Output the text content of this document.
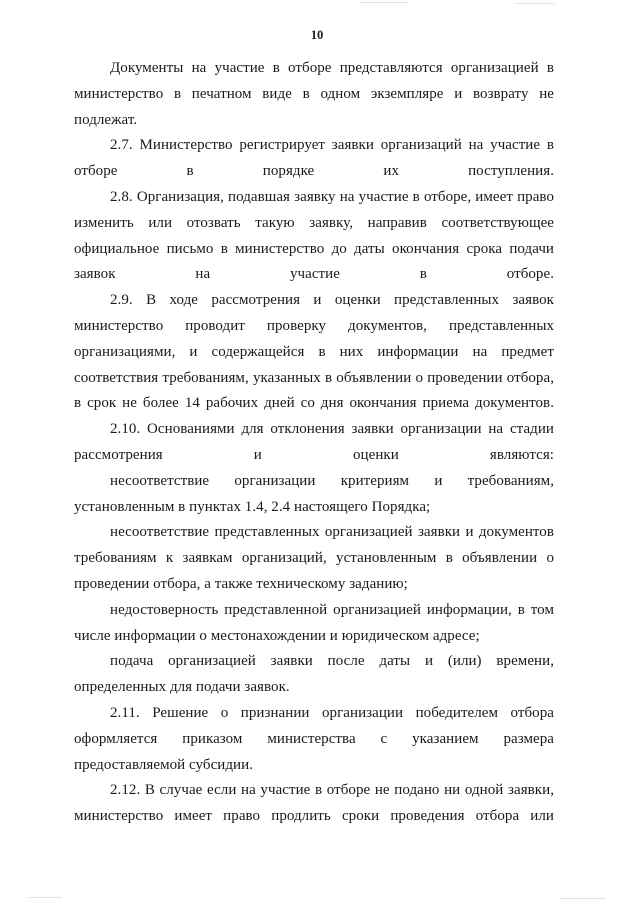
10

Документы на участие в отборе представляются организацией в министерство в печатном виде в одном экземпляре и возврату не подлежат.

2.7. Министерство регистрирует заявки организаций на участие в отборе в порядке их поступления.

2.8. Организация, подавшая заявку на участие в отборе, имеет право изменить или отозвать такую заявку, направив соответствующее официальное письмо в министерство до даты окончания срока подачи заявок на участие в отборе.

2.9. В ходе рассмотрения и оценки представленных заявок министерство проводит проверку документов, представленных организациями, и содержащейся в них информации на предмет соответствия требованиям, указанных в объявлении о проведении отбора, в срок не более 14 рабочих дней со дня окончания приема документов.

2.10. Основаниями для отклонения заявки организации на стадии рассмотрения и оценки являются:

несоответствие организации критериям и требованиям, установленным в пунктах 1.4, 2.4 настоящего Порядка;

несоответствие представленных организацией заявки и документов требованиям к заявкам организаций, установленным в объявлении о проведении отбора, а также техническому заданию;

недостоверность представленной организацией информации, в том числе информации о местонахождении и юридическом адресе;

подача организацией заявки после даты и (или) времени, определенных для подачи заявок.

2.11. Решение о признании организации победителем отбора оформляется приказом министерства с указанием размера предоставляемой субсидии.

2.12. В случае если на участие в отборе не подано ни одной заявки, министерство имеет право продлить сроки проведения отбора или
